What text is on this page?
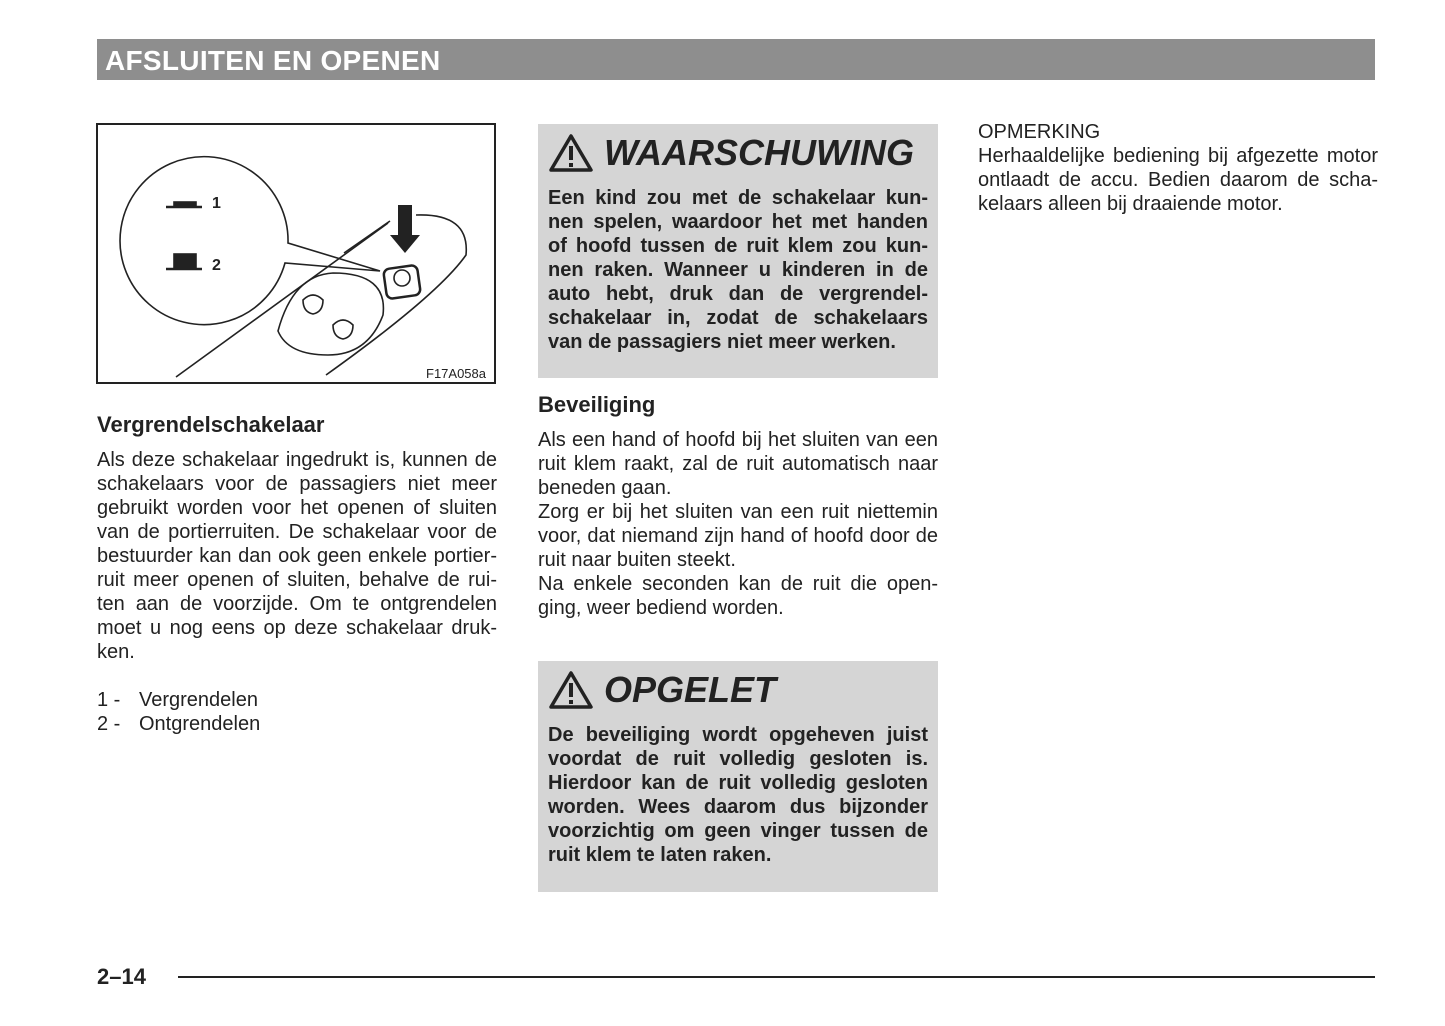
AFSLUITEN EN OPENEN
1
2
F17A058a
Vergrendelschakelaar
Als deze schakelaar ingedrukt is, kunnen de
schakelaars voor de passagiers niet meer
gebruikt worden voor het openen of sluiten
van de portierruiten. De schakelaar voor de
bestuurder kan dan ook geen enkele portier-
ruit meer openen of sluiten, behalve de rui-
ten aan de voorzijde. Om te ontgrendelen
moet u nog eens op deze schakelaar druk-
ken.
1 - Vergrendelen
2 - Ontgrendelen
WAARSCHUWING
Een kind zou met de schakelaar kun-
nen spelen, waardoor het met handen
of hoofd tussen de ruit klem zou kun-
nen raken. Wanneer u kinderen in de
auto hebt, druk dan de vergrendel-
schakelaar in, zodat de schakelaars
van de passagiers niet meer werken.
Beveiliging
Als een hand of hoofd bij het sluiten van een
ruit klem raakt, zal de ruit automatisch naar
beneden gaan.
Zorg er bij het sluiten van een ruit niettemin
voor, dat niemand zijn hand of hoofd door de
ruit naar buiten steekt.
Na enkele seconden kan de ruit die open-
ging, weer bediend worden.
OPGELET
De beveiliging wordt opgeheven juist
voordat de ruit volledig gesloten is.
Hierdoor kan de ruit volledig gesloten
worden. Wees daarom dus bijzonder
voorzichtig om geen vinger tussen de
ruit klem te laten raken.
OPMERKING
Herhaaldelijke bediening bij afgezette motor
ontlaadt de accu. Bedien daarom de scha-
kelaars alleen bij draaiende motor.
2–14
